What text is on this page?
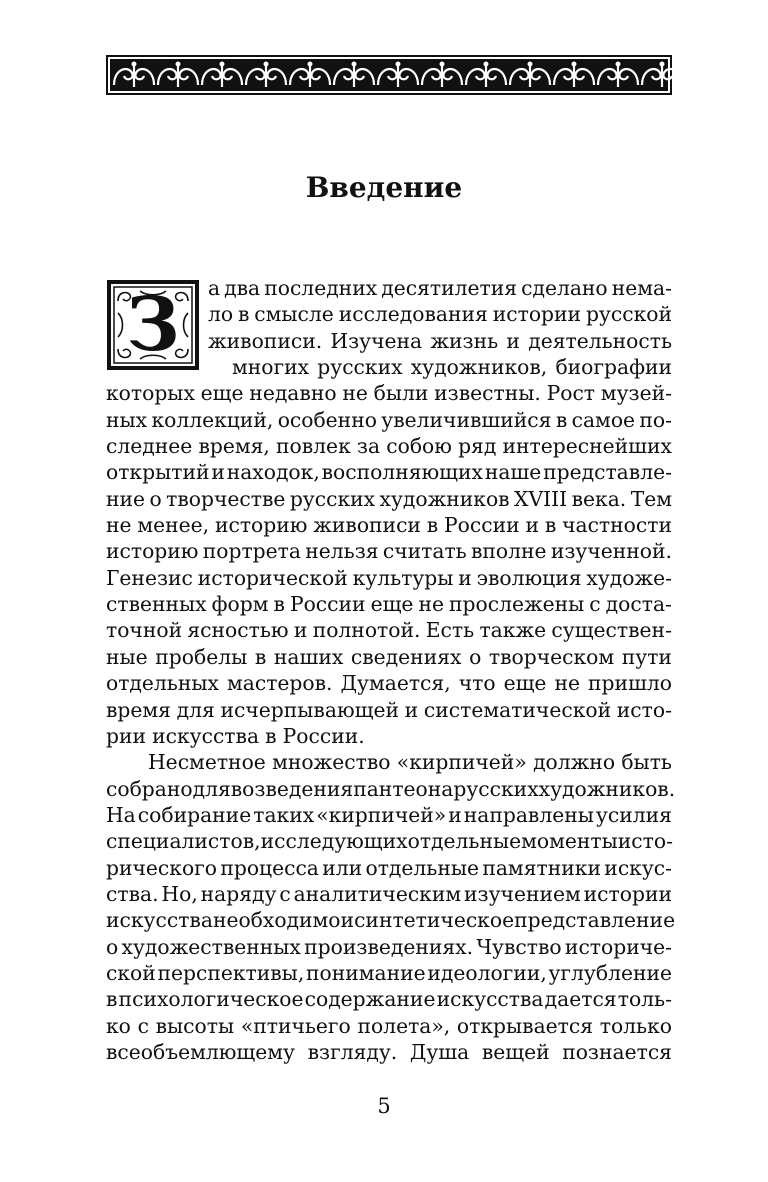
Введение
З	а два последних десятилетия сделано нема-
ло в смысле исследования истории русской
живописи. Изучена жизнь и деятельность
многих русских художников, биографии
которых еще недавно не были известны. Рост музей-
ных коллекций, особенно увеличившийся в самое по-
следнее время, повлек за собою ряд интереснейших
открытий и находок, восполняющих наше представле-
ние о творчестве русских художников XVIII века. Тем
не менее, историю живописи в России и в частности
историю портрета нельзя считать вполне изученной.
Генезис исторической культуры и эволюция художе-
ственных форм в России еще не прослежены с доста-
точной ясностью и полнотой. Есть также существен-
ные пробелы в наших сведениях о творческом пути
отдельных мастеров. Думается, что еще не пришло
время для исчерпывающей и систематической исто-
рии искусства в России.
Несметное множество «кирпичей» должно быть
собрано для возведения пантеона русских художников.
На собирание таких «кирпичей» и направлены усилия
специалистов, исследующих отдельные моменты исто-
рического процесса или отдельные памятники искус-
ства. Но, наряду с аналитическим изучением истории
искусства необходимо и синтетическое представление
о художественных произведениях. Чувство историче-
ской перспективы, понимание идеологии, углубление
в психологическое содержание искусства дается толь-
ко с высоты «птичьего полета», открывается только
всеобъемлющему взгляду. Душа вещей познается
5
